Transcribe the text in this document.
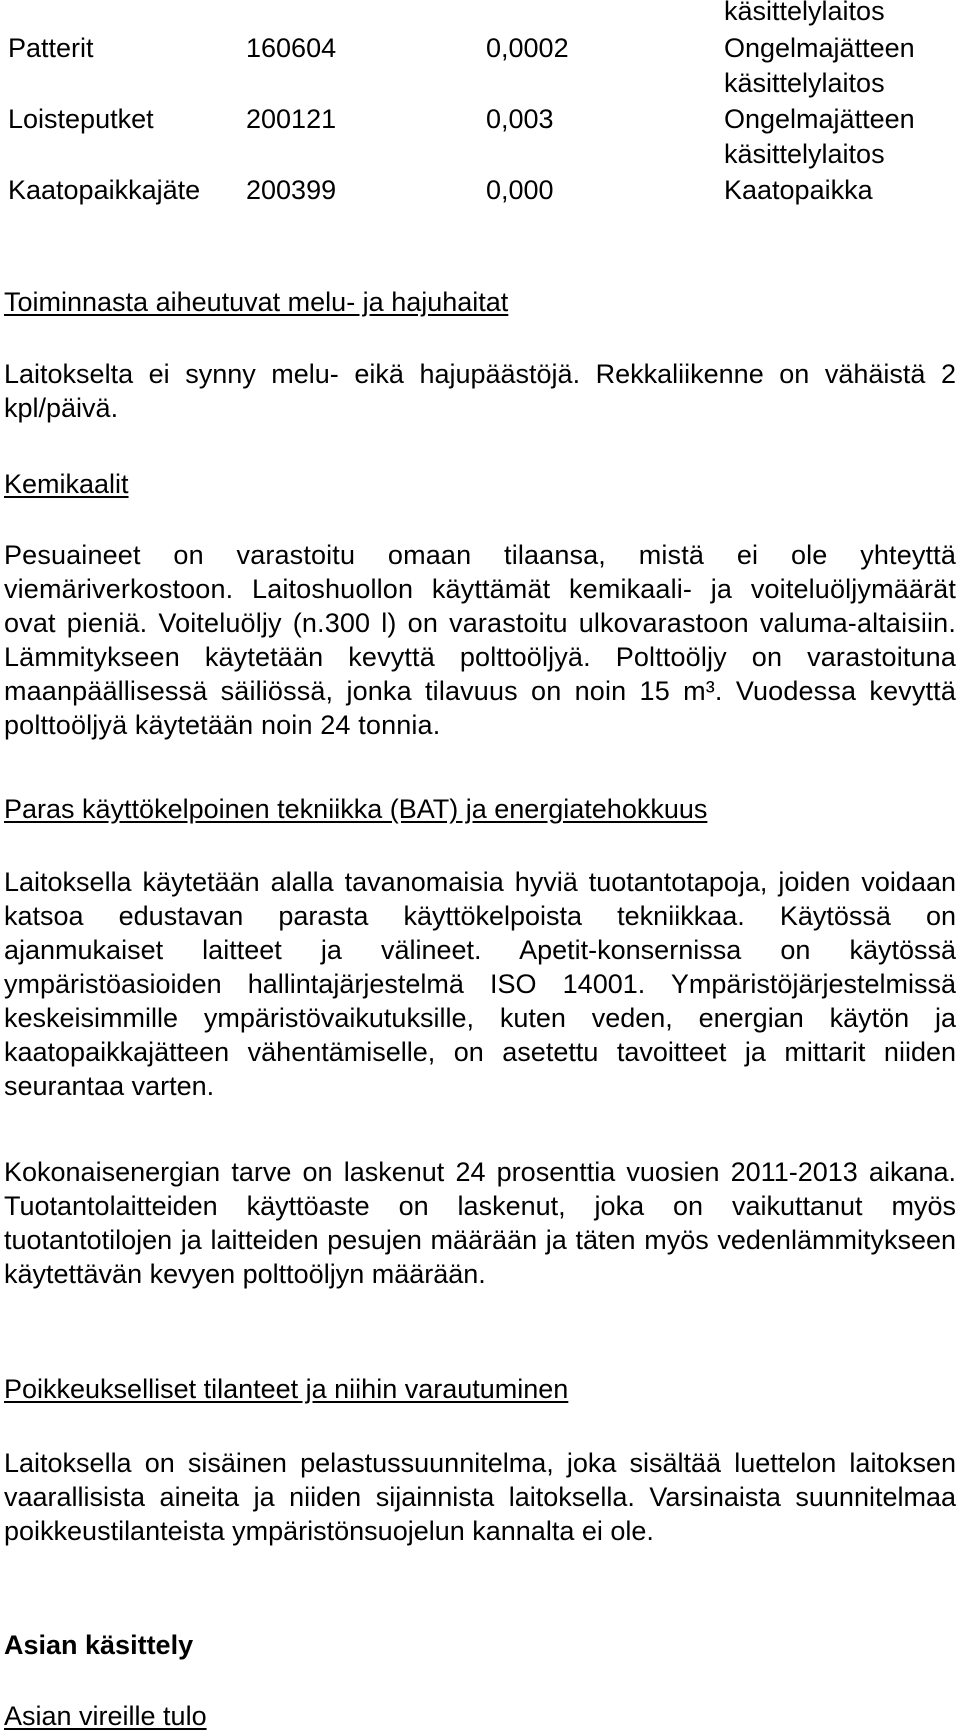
käsittelylaitos
Patterit	160604	0,0002	Ongelmajätteen
käsittelylaitos
Loisteputket	200121	0,003	Ongelmajätteen
käsittelylaitos
Kaatopaikkajäte 200399	0,000	Kaatopaikka
Toiminnasta aiheutuvat melu- ja hajuhaitat

Laitokselta ei synny melu- eikä hajupäästöjä. Rekkaliikenne on vähäistä 2 kpl/päivä.

Kemikaalit

Pesuaineet on varastoitu omaan tilaansa, mistä ei ole yhteyttä viemäriverkostoon. Laitoshuollon käyttämät kemikaali- ja voiteluöljymäärät ovat pieniä. Voiteluöljy (n.300 l) on varastoitu ulkovarastoon valuma-altaisiin. Lämmitykseen käytetään kevyttä polttoöljyä. Polttoöljy on varastoituna maanpäällisessä säiliössä, jonka tilavuus on noin 15 m³. Vuodessa kevyttä polttoöljyä käytetään noin 24 tonnia.

Paras käyttökelpoinen tekniikka (BAT) ja energiatehokkuus

Laitoksella käytetään alalla tavanomaisia hyviä tuotantotapoja, joiden voidaan katsoa edustavan parasta käyttökelpoista tekniikkaa. Käytössä on ajanmukaiset laitteet ja välineet. Apetit-konsernissa on käytössä ympäristöasioiden hallintajärjestelmä ISO 14001. Ympäristöjärjestelmissä keskeisimmille ympäristövaikutuksille, kuten veden, energian käytön ja kaatopaikkajätteen vähentämiselle, on asetettu tavoitteet ja mittarit niiden seurantaa varten.

Kokonaisenergian tarve on laskenut 24 prosenttia vuosien 2011-2013 aikana. Tuotantolaitteiden käyttöaste on laskenut, joka on vaikuttanut myös tuotantotilojen ja laitteiden pesujen määrään ja täten myös vedenlämmitykseen käytettävän kevyen polttoöljyn määrään.

Poikkeukselliset tilanteet ja niihin varautuminen

Laitoksella on sisäinen pelastussuunnitelma, joka sisältää luettelon laitoksen vaarallisista aineita ja niiden sijainnista laitoksella. Varsinaista suunnitelmaa poikkeustilanteista ympäristönsuojelun kannalta ei ole.

Asian käsittely
Asian vireille tulo
